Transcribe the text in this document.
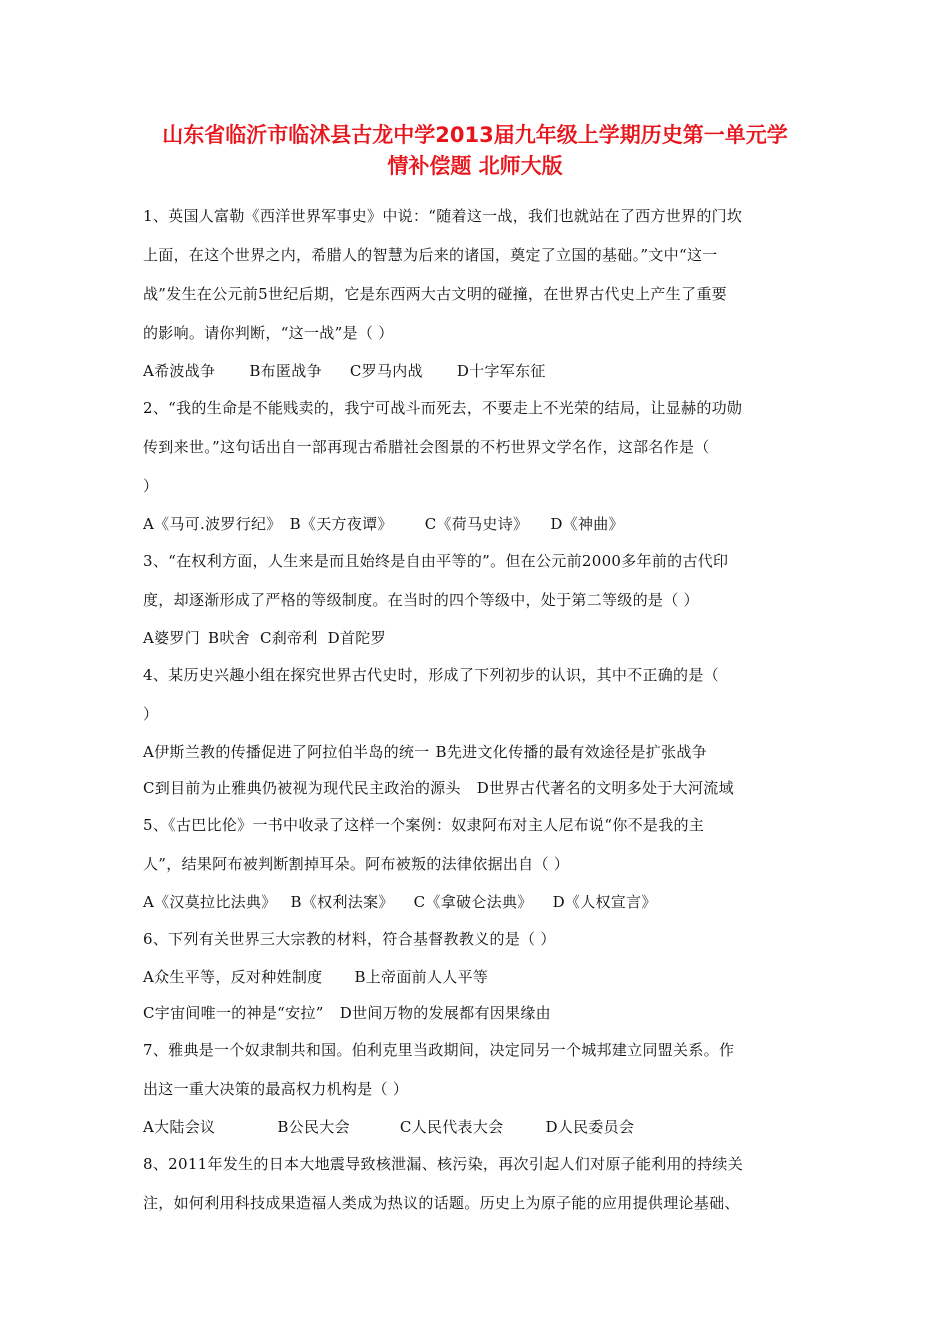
山东省临沂市临沭县古龙中学2013届九年级上学期历史第一单元学
情补偿题 北师大版
1、英国人富勒《西洋世界军事史》中说：“随着这一战，我们也就站在了西方世界的门坎
上面，在这个世界之内，希腊人的智慧为后来的诸国，奠定了立国的基础。”文中“这一
战”发生在公元前5世纪后期，它是东西两大古文明的碰撞，在世界古代史上产生了重要
的影响。请你判断，“这一战”是（ ）
A希波战争 B布匿战争 C罗马内战 D十字军东征
2、“我的生命是不能贱卖的，我宁可战斗而死去，不要走上不光荣的结局，让显赫的功勋
传到来世。”这句话出自一部再现古希腊社会图景的不朽世界文学名作，这部名作是（
）
A《马可.波罗行纪》 B《天方夜谭》 C《荷马史诗》 D《神曲》
3、“在权利方面，人生来是而且始终是自由平等的”。但在公元前2000多年前的古代印
度，却逐渐形成了严格的等级制度。在当时的四个等级中，处于第二等级的是（ ）
A婆罗门 B吠舍 C刹帝利 D首陀罗
4、某历史兴趣小组在探究世界古代史时，形成了下列初步的认识，其中不正确的是（
）
A伊斯兰教的传播促进了阿拉伯半岛的统一 B先进文化传播的最有效途径是扩张战争
C到目前为止雅典仍被视为现代民主政治的源头 D世界古代著名的文明多处于大河流域
5、《古巴比伦》一书中收录了这样一个案例：奴隶阿布对主人尼布说“你不是我的主
人”，结果阿布被判断割掉耳朵。阿布被叛的法律依据出自（ ）
A《汉莫拉比法典》 B《权利法案》 C《拿破仑法典》 D《人权宣言》
6、下列有关世界三大宗教的材料，符合基督教教义的是（ ）
A众生平等，反对种姓制度 B上帝面前人人平等
C宇宙间唯一的神是“安拉” D世间万物的发展都有因果缘由
7、雅典是一个奴隶制共和国。伯利克里当政期间，决定同另一个城邦建立同盟关系。作
出这一重大决策的最高权力机构是（ ）
A大陆会议	B公民大会	C人民代表大会	D人民委员会
8、2011年发生的日本大地震导致核泄漏、核污染，再次引起人们对原子能利用的持续关
注，如何利用科技成果造福人类成为热议的话题。历史上为原子能的应用提供理论基础、
